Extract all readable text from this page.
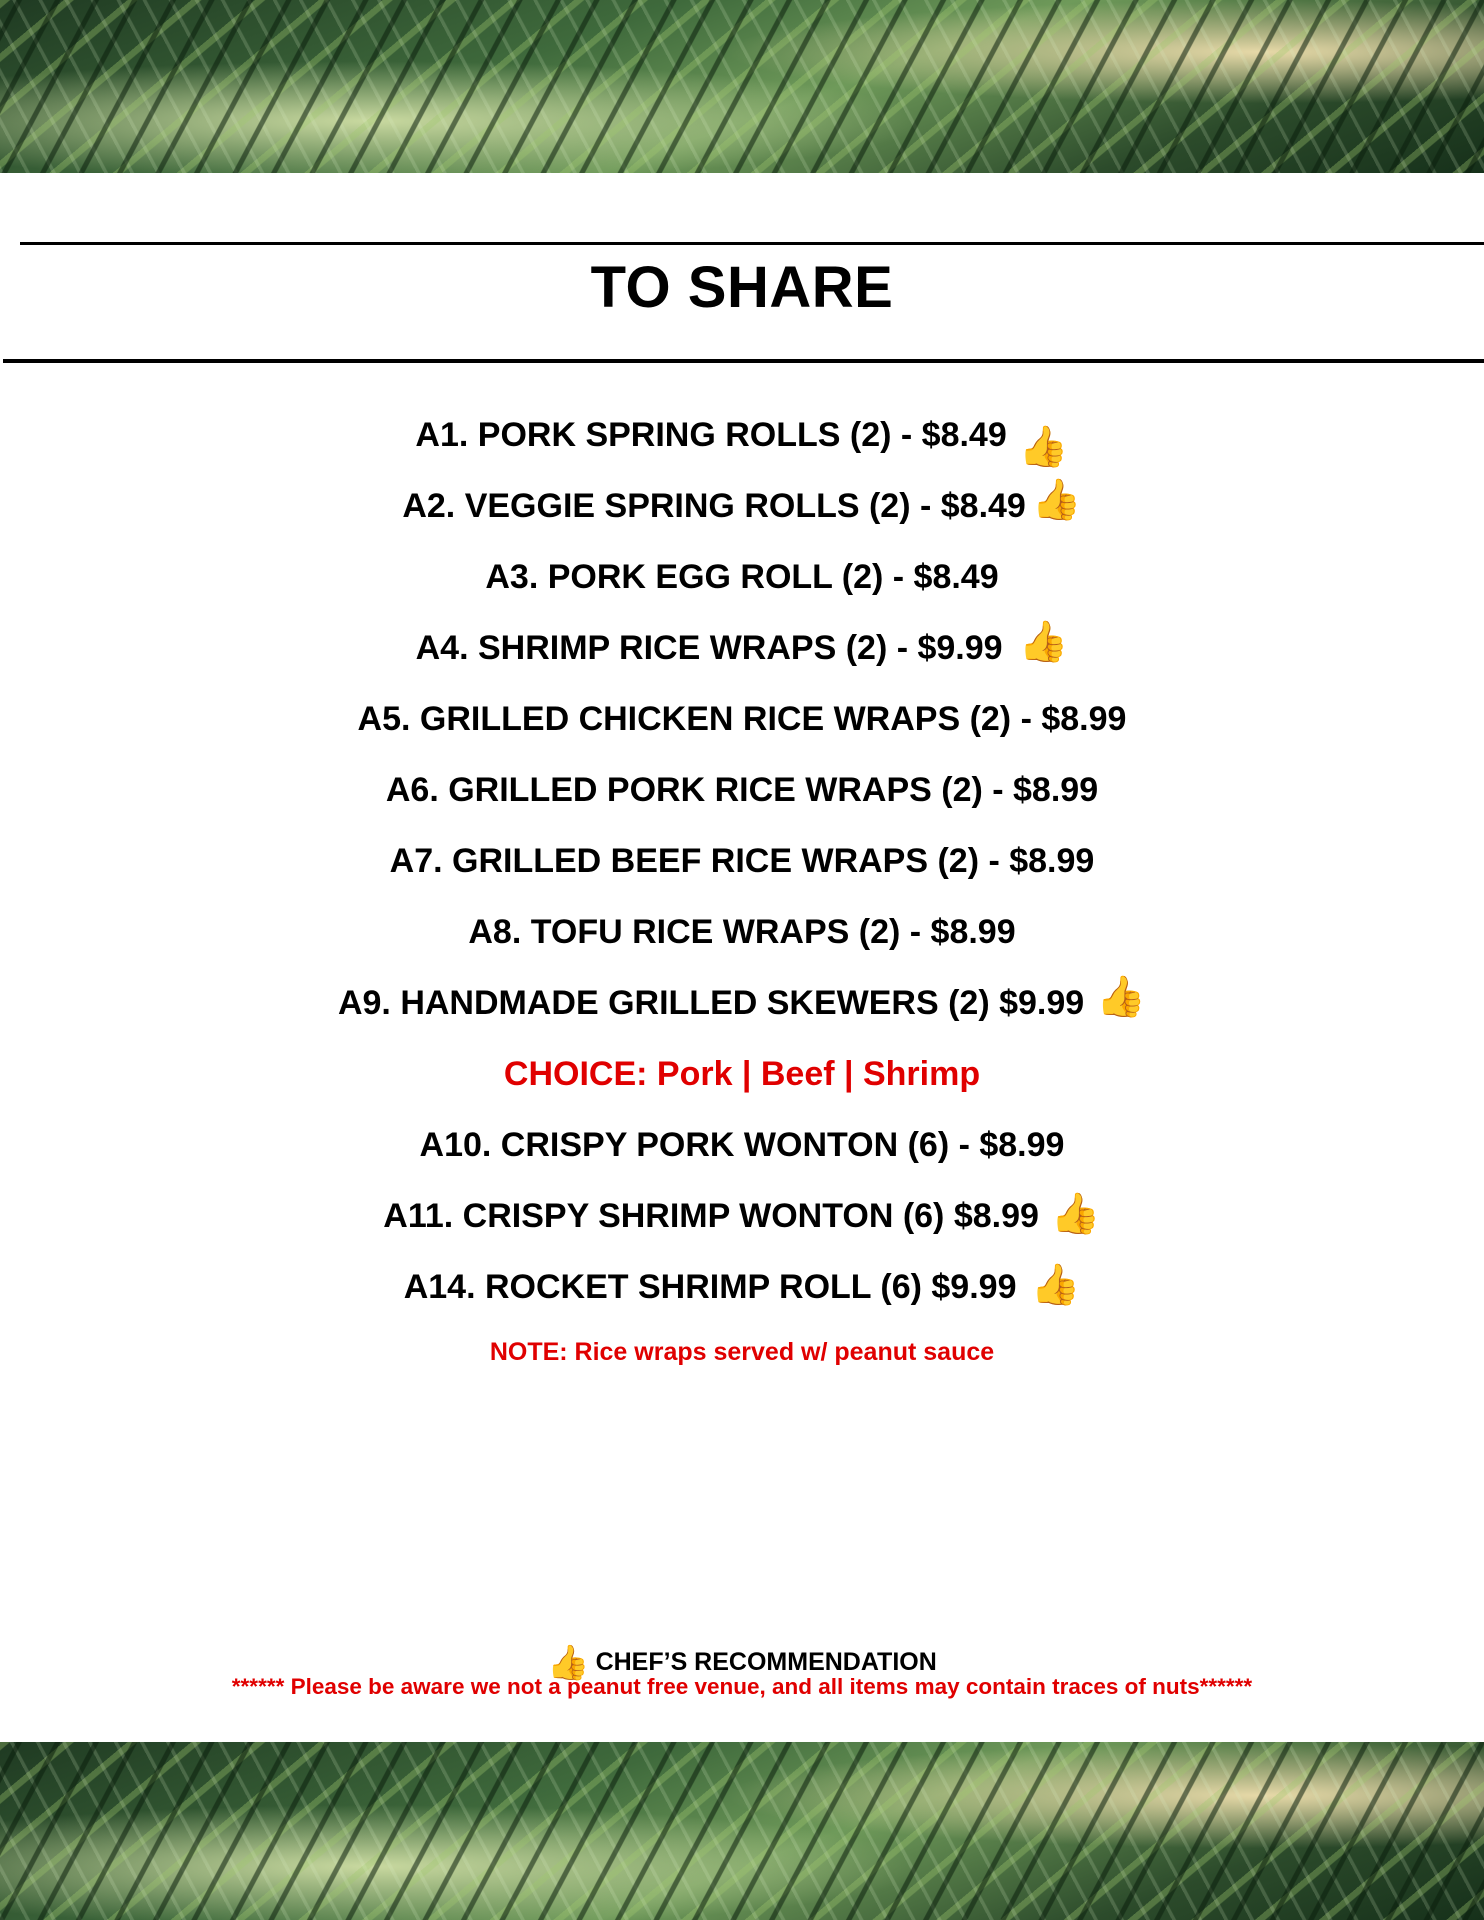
TO SHARE
A1. PORK SPRING ROLLS (2) - $8.49 👍
A2. VEGGIE SPRING ROLLS (2) - $8.49 👍
A3. PORK EGG ROLL (2) - $8.49
A4. SHRIMP RICE WRAPS (2) - $9.99 👍
A5. GRILLED CHICKEN RICE WRAPS (2) - $8.99
A6. GRILLED PORK RICE WRAPS (2) - $8.99
A7. GRILLED BEEF RICE WRAPS (2) - $8.99
A8. TOFU RICE WRAPS (2) - $8.99
A9. HANDMADE GRILLED SKEWERS (2) $9.99 👍
CHOICE: Pork | Beef | Shrimp
A10. CRISPY PORK WONTON (6) - $8.99
A11. CRISPY SHRIMP WONTON (6) $8.99 👍
A14. ROCKET SHRIMP ROLL (6) $9.99 👍
NOTE: Rice wraps served w/ peanut sauce
👍 CHEF’S RECOMMENDATION
****** Please be aware we not a peanut free venue, and all items may contain traces of nuts******
